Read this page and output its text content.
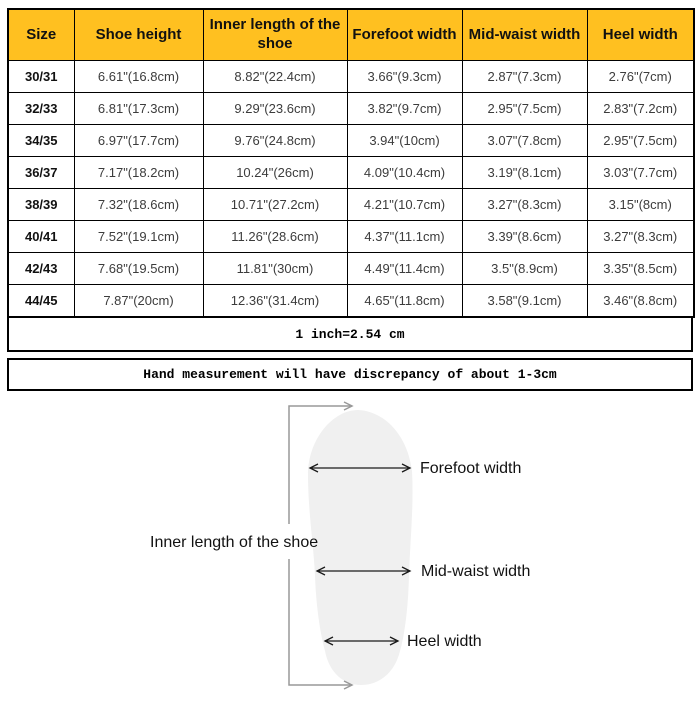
Size	Shoe height	Inner length of the shoe	Forefoot width	Mid-waist width	Heel width
30/31	6.61"(16.8cm)	8.82"(22.4cm)	3.66"(9.3cm)	2.87"(7.3cm)	2.76"(7cm)
32/33	6.81"(17.3cm)	9.29"(23.6cm)	3.82"(9.7cm)	2.95"(7.5cm)	2.83"(7.2cm)
34/35	6.97"(17.7cm)	9.76"(24.8cm)	3.94"(10cm)	3.07"(7.8cm)	2.95"(7.5cm)
36/37	7.17"(18.2cm)	10.24"(26cm)	4.09"(10.4cm)	3.19"(8.1cm)	3.03"(7.7cm)
38/39	7.32"(18.6cm)	10.71"(27.2cm)	4.21"(10.7cm)	3.27"(8.3cm)	3.15"(8cm)
40/41	7.52"(19.1cm)	11.26"(28.6cm)	4.37"(11.1cm)	3.39"(8.6cm)	3.27"(8.3cm)
42/43	7.68"(19.5cm)	11.81"(30cm)	4.49"(11.4cm)	3.5"(8.9cm)	3.35"(8.5cm)
44/45	7.87"(20cm)	12.36"(31.4cm)	4.65"(11.8cm)	3.58"(9.1cm)	3.46"(8.8cm)
1 inch=2.54 cm
Hand measurement will have discrepancy of about 1-3cm
Inner length of the shoe
Forefoot width
Mid-waist width
Heel width
